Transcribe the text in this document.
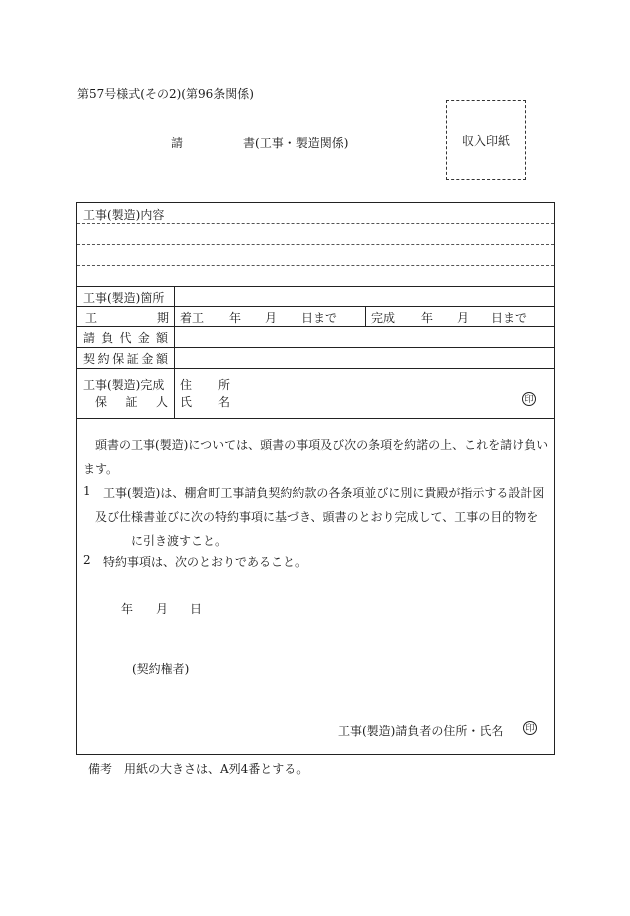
第57号様式(その2)(第96条関係)
請	書(工事・製造関係)	収入印紙
工事(製造)内容
工事(製造)箇所
工	期 着工 年 月 日まで	完成 年 月 日まで
請 負 代 金 額
契 約 保 証 金 額
工事(製造)完成
保 証 人
住 所
氏 名	印
頭書の工事(製造)については、頭書の事項及び次の条項を約諾の上、これを請け負い
ます。
1 工事(製造)は、棚倉町工事請負契約約款の各条項並びに別に貴殿が指示する設計図
及び仕様書並びに次の特約事項に基づき、頭書のとおり完成して、工事の目的物を
に引き渡すこと。
2 特約事項は、次のとおりであること。
年 月 日
(契約権者)
工事(製造)請負者の住所・氏名 印
備考　用紙の大きさは、A列4番とする。
